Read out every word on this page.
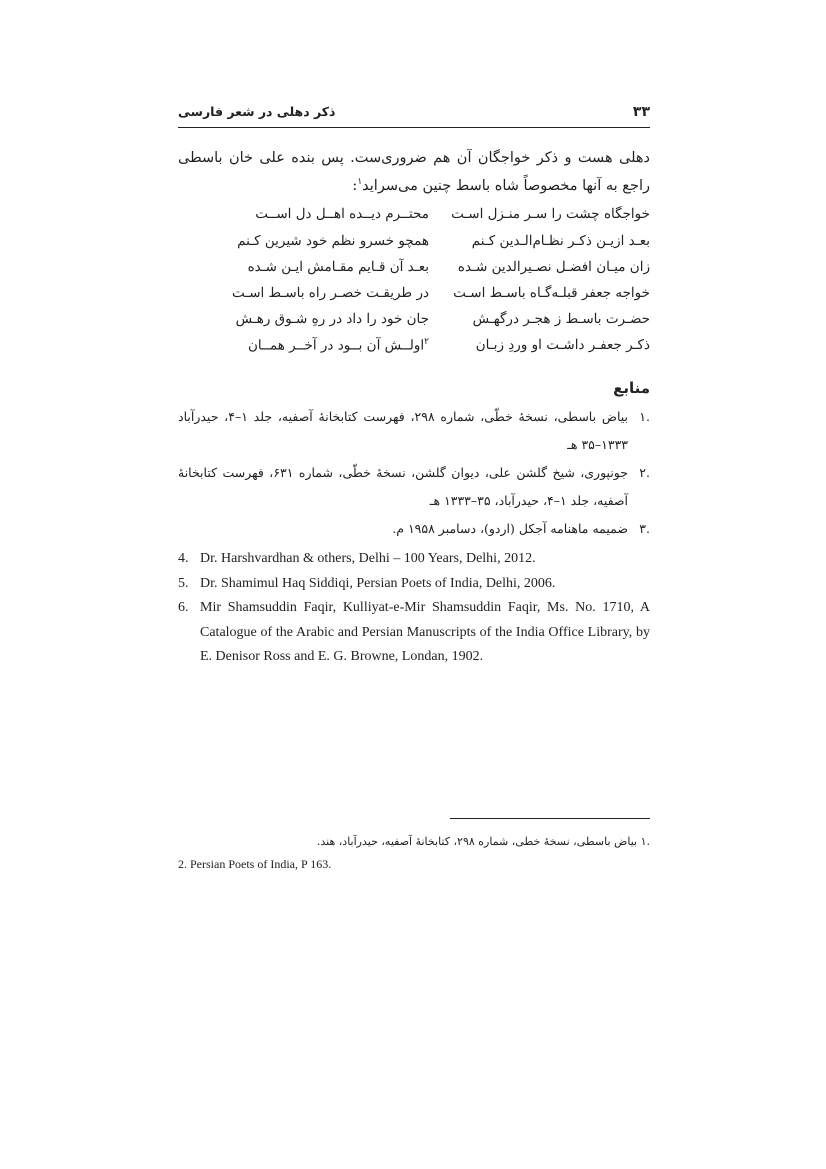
ذکر دهلی در شعر فارسی	۳۳
دهلی هست و ذکر خواجگان آن هم ضروری‌ست. پس بنده علی خان باسطی
راجع به آنها مخصوصاً شاه باسط چنین می‌سراید$^۱$:
خواجگاه چشت را سـر منـزل اسـت
محتــرم دیــده اهــل دل اســت
بعـد ازیـن ذکـر نظـام‌الـدین کـنم
همچو خسرو نظم خود شیرین کـنم
زان میـان افضـل نصـیرالدین شـده
بعـد آن قـایم مقـامش ایـن شـده
خواجه جعفر قبلـه‌گـاه باسـط اسـت
در طریقـت خصـر راه باسـط اسـت
حضـرت باسـط ز هجـر درگهـش
جان خود را داد در رهِ شـوق رهـش
ذکـر جعفـر داشـت او وردِ زبـان
$^۲$اولــش آن بــود در آخــر همــان
منابع
.۱
بیاض باسطی، نسخهٔ خطّی، شماره ۲۹۸، فهرست کتابخانهٔ آصفیه، جلد ۱–۴، حیدرآباد
۱۳۳۳–۳۵ هـ
.۲
جونپوری، شیخ گلشن علی، دیوان گلشن، نسخهٔ خطّی، شماره ۶۳۱، فهرست کتابخانهٔ
آصفیه، جلد ۱–۴، حیدرآباد، ۳۵–۱۳۳۳ هـ
.۳
ضمیمه ماهنامه آجکل (اردو)، دسامبر ۱۹۵۸ م.
4. Dr. Harshvardhan & others, Delhi – 100 Years, Delhi, 2012.
5. Dr. Shamimul Haq Siddiqi, Persian Poets of India, Delhi, 2006.
6. Mir Shamsuddin Faqir, Kulliyat-e-Mir Shamsuddin Faqir, Ms. No. 1710, A Catalogue of the Arabic and Persian Manuscripts of the India Office Library, by E. Denisor Ross and E. G. Browne, Londan, 1902.
.۱ بیاض باسطی، نسخهٔ خطی، شماره ۲۹۸، کتابخانهٔ آصفیه، حیدرآباد، هند.
2. Persian Poets of India, P 163.
